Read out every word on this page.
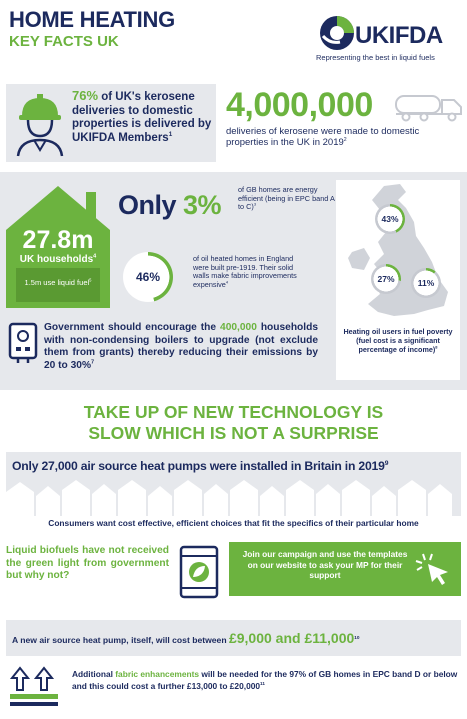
HOME HEATING
KEY FACTS UK	UKIFDA
Representing the best in liquid fuels
76% of UK's kerosene deliveries to domestic properties is delivered by UKIFDA Members$^1$
4,000,000
deliveries of kerosene were made to domestic properties in the UK in 2019$^2$
27.8m
UK households$^4$
1.5m use liquid fuel$^5$
Only 3%
of GB homes are energy efficient (being in EPC band A to C)$^3$
46%
of oil heated homes in England were built pre-1919. Their solid walls make fabric improvements expensive$^4$
Government should encourage the 400,000 households with non-condensing boilers to upgrade (not exclude them from grants) thereby reducing their emissions by 20 to 30%$^7$
43%
27%	11%
Heating oil users in fuel poverty (fuel cost is a significant percentage of income)$^8$
TAKE UP OF NEW TECHNOLOGY IS
SLOW WHICH IS NOT A SURPRISE
Only 27,000 air source heat pumps were installed in Britain in 2019$^9$
Consumers want cost effective, efficient choices that fit the specifics of their particular home
Liquid biofuels have not received the green light from government but why not?
Join our campaign and use the templates on our website to ask your MP for their support
A new air source heat pump, itself, will cost between £9,000 and £11,000$^{10}$
Additional fabric enhancements will be needed for the 97% of GB homes in EPC band D or below and this could cost a further £13,000 to £20,000$^{11}$
